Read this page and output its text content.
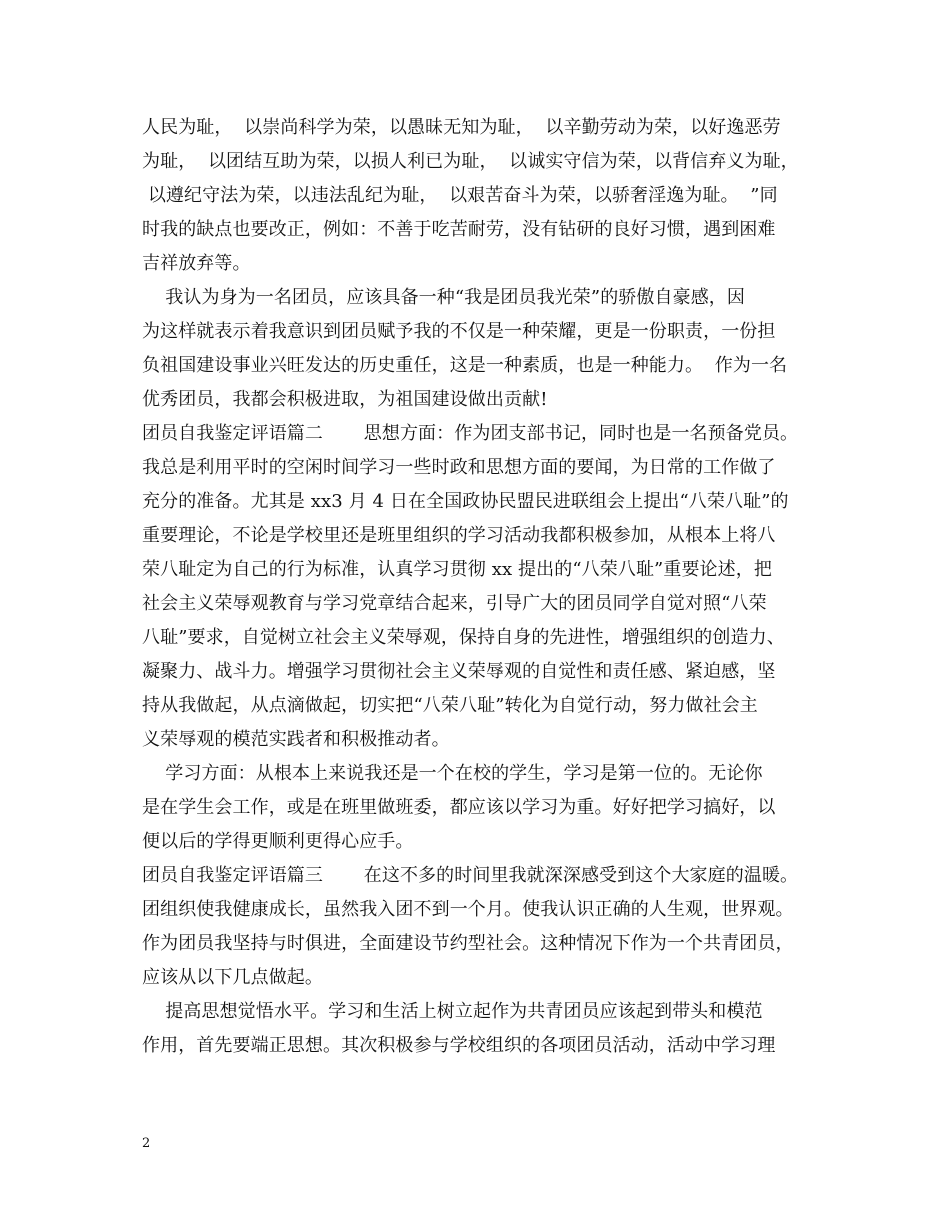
人民为耻，  以崇尚科学为荣，以愚昧无知为耻，  以辛勤劳动为荣，以好逸恶劳
为耻，  以团结互助为荣，以损人利已为耻，  以诚实守信为荣，以背信弃义为耻，
以遵纪守法为荣，以违法乱纪为耻，  以艰苦奋斗为荣，以骄奢淫逸为耻。  ”同
时我的缺点也要改正，例如：不善于吃苦耐劳，没有钻研的良好习惯，遇到困难
吉祥放弃等。
我认为身为一名团员，应该具备一种“我是团员我光荣”的骄傲自豪感，因
为这样就表示着我意识到团员赋予我的不仅是一种荣耀，更是一份职责，一份担
负祖国建设事业兴旺发达的历史重任，这是一种素质，也是一种能力。  作为一名
优秀团员，我都会积极进取，为祖国建设做出贡献!
团员自我鉴定评语篇二       思想方面：作为团支部书记，同时也是一名预备党员。
我总是利用平时的空闲时间学习一些时政和思想方面的要闻，为日常的工作做了
充分的准备。尤其是 xx3 月 4 日在全国政协民盟民进联组会上提出“八荣八耻”的
重要理论，不论是学校里还是班里组织的学习活动我都积极参加，从根本上将八
荣八耻定为自己的行为标准，认真学习贯彻 xx 提出的“八荣八耻”重要论述，把
社会主义荣辱观教育与学习党章结合起来，引导广大的团员同学自觉对照“八荣
八耻”要求，自觉树立社会主义荣辱观，保持自身的先进性，增强组织的创造力、
凝聚力、战斗力。增强学习贯彻社会主义荣辱观的自觉性和责任感、紧迫感，坚
持从我做起，从点滴做起，切实把“八荣八耻”转化为自觉行动，努力做社会主
义荣辱观的模范实践者和积极推动者。
学习方面：从根本上来说我还是一个在校的学生，学习是第一位的。无论你
是在学生会工作，或是在班里做班委，都应该以学习为重。好好把学习搞好，以
便以后的学得更顺利更得心应手。
团员自我鉴定评语篇三       在这不多的时间里我就深深感受到这个大家庭的温暖。
团组织使我健康成长，虽然我入团不到一个月。使我认识正确的人生观，世界观。
作为团员我坚持与时俱进，全面建设节约型社会。这种情况下作为一个共青团员，
应该从以下几点做起。
提高思想觉悟水平。学习和生活上树立起作为共青团员应该起到带头和模范
作用，首先要端正思想。其次积极参与学校组织的各项团员活动，活动中学习理
2
